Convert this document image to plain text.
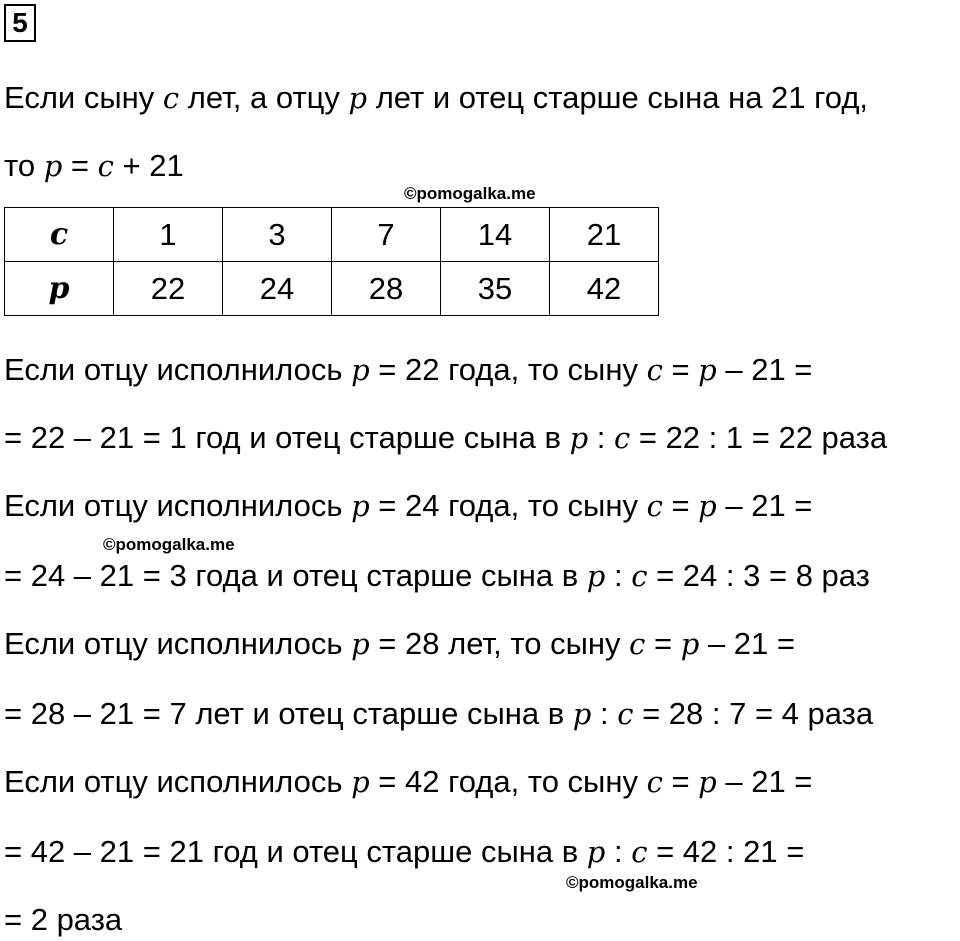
5
Если сыну c лет, а отцу p лет и отец старше сына на 21 год,
то p = c + 21
©pomogalka.me
c	1	3	7	14	21
p	22	24	28	35	42
Если отцу исполнилось p = 22 года, то сыну c = p – 21 =
= 22 – 21 = 1 год и отец старше сына в p : c = 22 : 1 = 22 раза
Если отцу исполнилось p = 24 года, то сыну c = p – 21 =
©pomogalka.me
= 24 – 21 = 3 года и отец старше сына в p : c = 24 : 3 = 8 раз
Если отцу исполнилось p = 28 лет, то сыну c = p – 21 =
= 28 – 21 = 7 лет и отец старше сына в p : c = 28 : 7 = 4 раза
Если отцу исполнилось p = 42 года, то сыну c = p – 21 =
= 42 – 21 = 21 год и отец старше сына в p : c = 42 : 21 =
©pomogalka.me
= 2 раза
